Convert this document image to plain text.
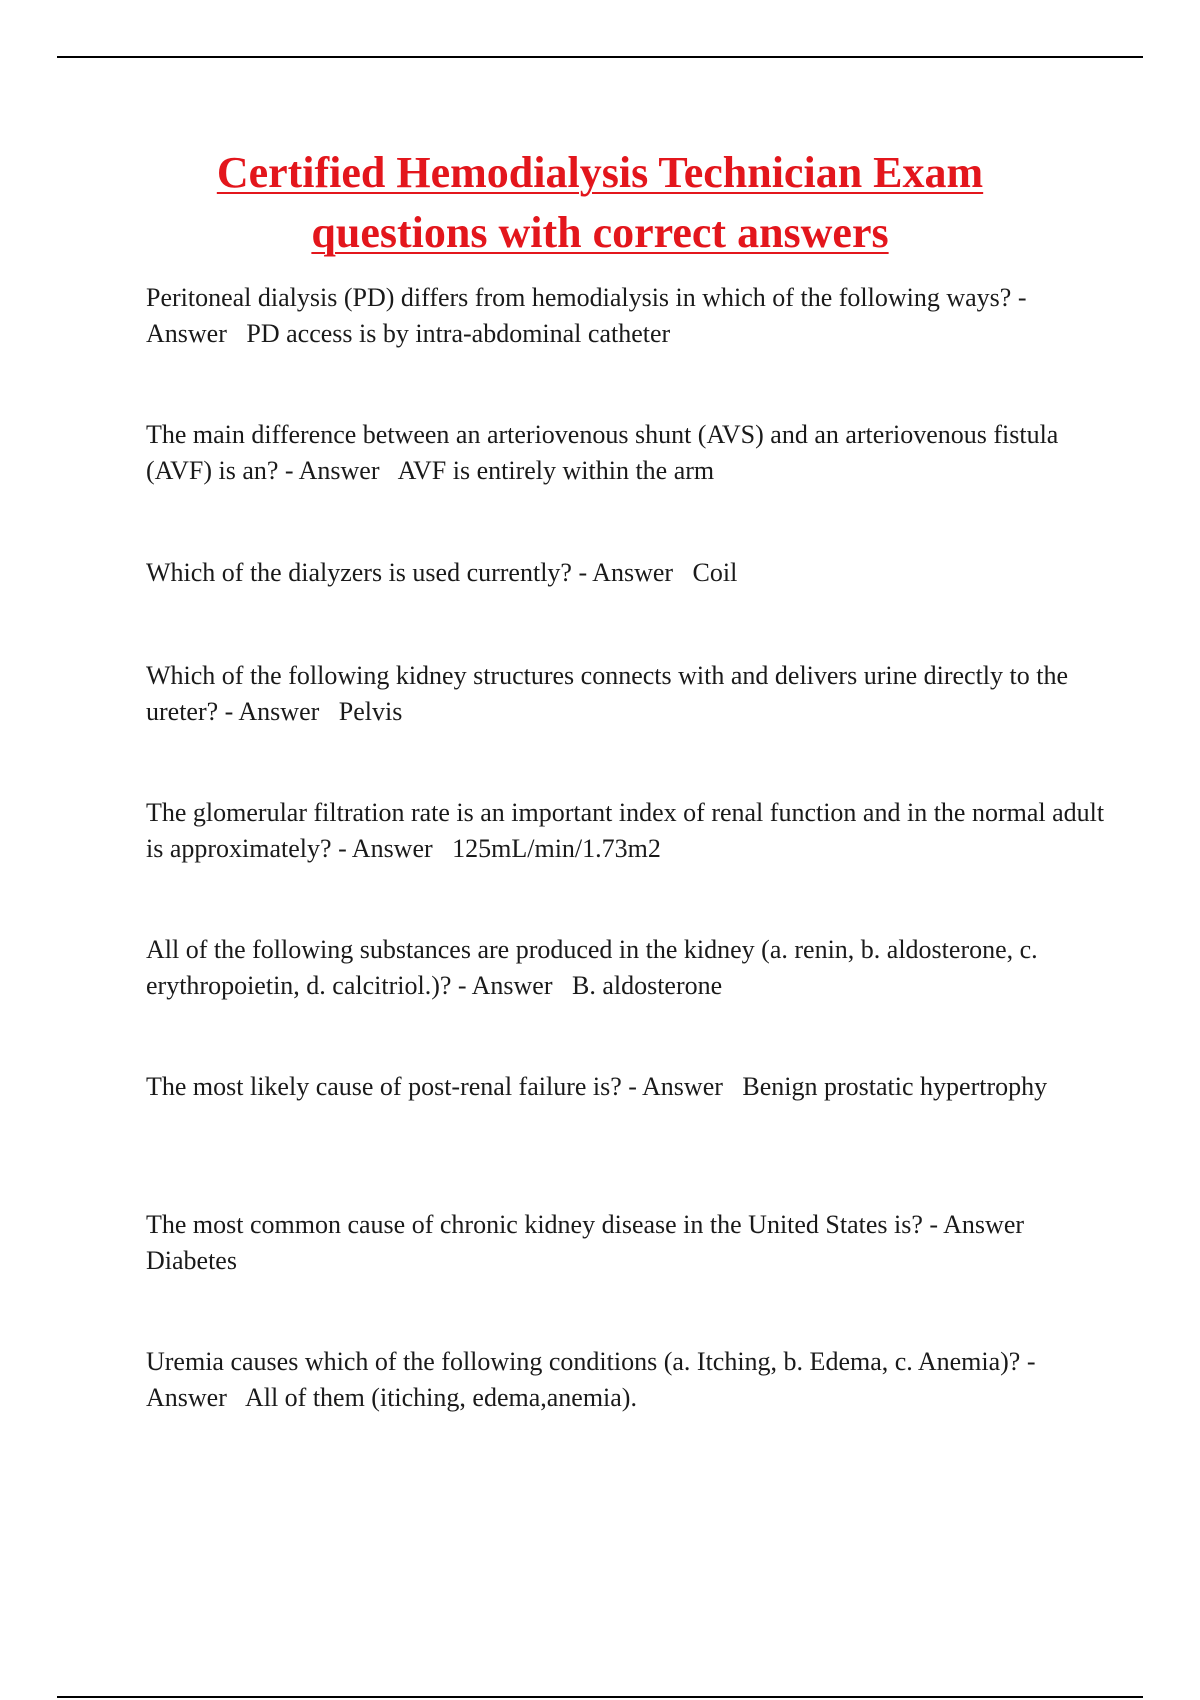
Certified Hemodialysis Technician Exam
questions with correct answers

Peritoneal dialysis (PD) differs from hemodialysis in which of the following ways? - Answer   PD access is by intra-abdominal catheter

The main difference between an arteriovenous shunt (AVS) and an arteriovenous fistula (AVF) is an? - Answer   AVF is entirely within the arm

Which of the dialyzers is used currently? - Answer   Coil

Which of the following kidney structures connects with and delivers urine directly to the ureter? - Answer   Pelvis

The glomerular filtration rate is an important index of renal function and in the normal adult is approximately? - Answer   125mL/min/1.73m2

All of the following substances are produced in the kidney (a. renin, b. aldosterone, c. erythropoietin, d. calcitriol.)? - Answer   B. aldosterone

The most likely cause of post-renal failure is? - Answer   Benign prostatic hypertrophy

The most common cause of chronic kidney disease in the United States is? - Answer   Diabetes

Uremia causes which of the following conditions (a. Itching, b. Edema, c. Anemia)? - Answer   All of them (itiching, edema,anemia).
